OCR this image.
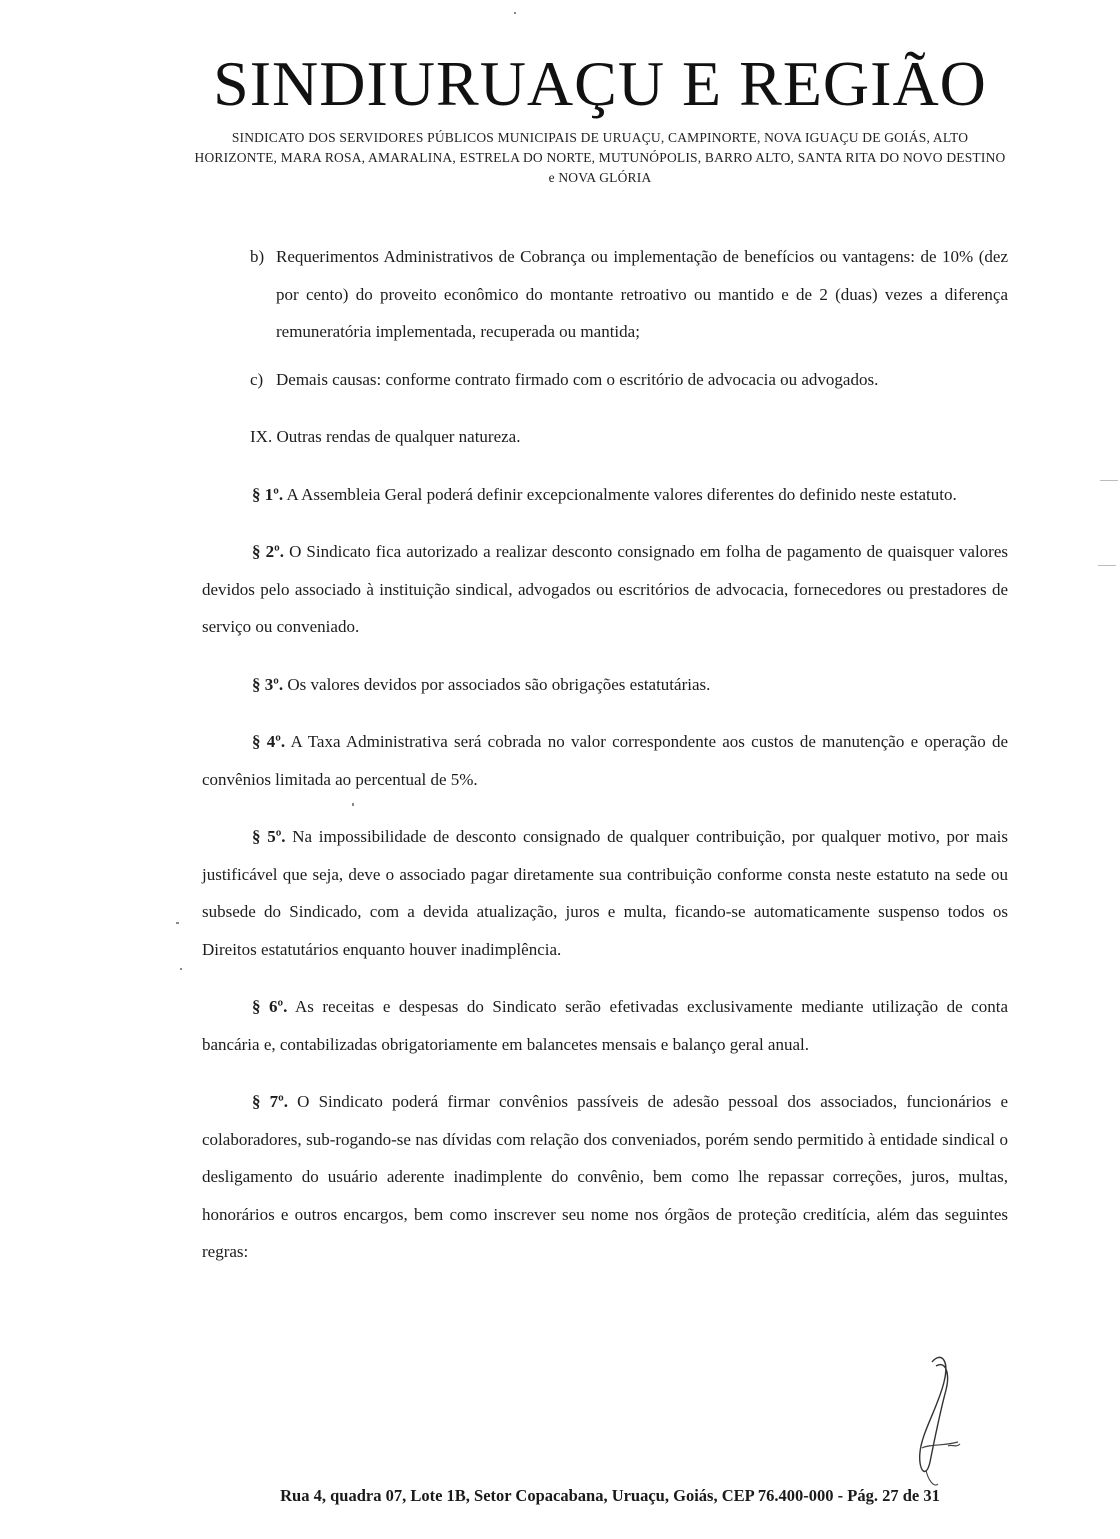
SINDIURUAÇU E REGIÃO

SINDICATO DOS SERVIDORES PÚBLICOS MUNICIPAIS DE URUAÇU, CAMPINORTE, NOVA IGUAÇU DE GOIÁS, ALTO HORIZONTE, MARA ROSA, AMARALINA, ESTRELA DO NORTE, MUTUNÓPOLIS, BARRO ALTO, SANTA RITA DO NOVO DESTINO e NOVA GLÓRIA

b) Requerimentos Administrativos de Cobrança ou implementação de benefícios ou vantagens: de 10% (dez por cento) do proveito econômico do montante retroativo ou mantido e de 2 (duas) vezes a diferença remuneratória implementada, recuperada ou mantida;
c) Demais causas: conforme contrato firmado com o escritório de advocacia ou advogados.

IX. Outras rendas de qualquer natureza.

§ 1º. A Assembleia Geral poderá definir excepcionalmente valores diferentes do definido neste estatuto.

§ 2º. O Sindicato fica autorizado a realizar desconto consignado em folha de pagamento de quaisquer valores devidos pelo associado à instituição sindical, advogados ou escritórios de advocacia, fornecedores ou prestadores de serviço ou conveniado.

§ 3º. Os valores devidos por associados são obrigações estatutárias.

§ 4º. A Taxa Administrativa será cobrada no valor correspondente aos custos de manutenção e operação de convênios limitada ao percentual de 5%.

§ 5º. Na impossibilidade de desconto consignado de qualquer contribuição, por qualquer motivo, por mais justificável que seja, deve o associado pagar diretamente sua contribuição conforme consta neste estatuto na sede ou subsede do Sindicado, com a devida atualização, juros e multa, ficando-se automaticamente suspenso todos os Direitos estatutários enquanto houver inadimplência.

§ 6º. As receitas e despesas do Sindicato serão efetivadas exclusivamente mediante utilização de conta bancária e, contabilizadas obrigatoriamente em balancetes mensais e balanço geral anual.

§ 7º. O Sindicato poderá firmar convênios passíveis de adesão pessoal dos associados, funcionários e colaboradores, sub-rogando-se nas dívidas com relação dos conveniados, porém sendo permitido à entidade sindical o desligamento do usuário aderente inadimplente do convênio, bem como lhe repassar correções, juros, multas, honorários e outros encargos, bem como inscrever seu nome nos órgãos de proteção creditícia, além das seguintes regras:

Rua 4, quadra 07, Lote 1B, Setor Copacabana, Uruaçu, Goiás, CEP 76.400-000 - Pág. 27 de 31
